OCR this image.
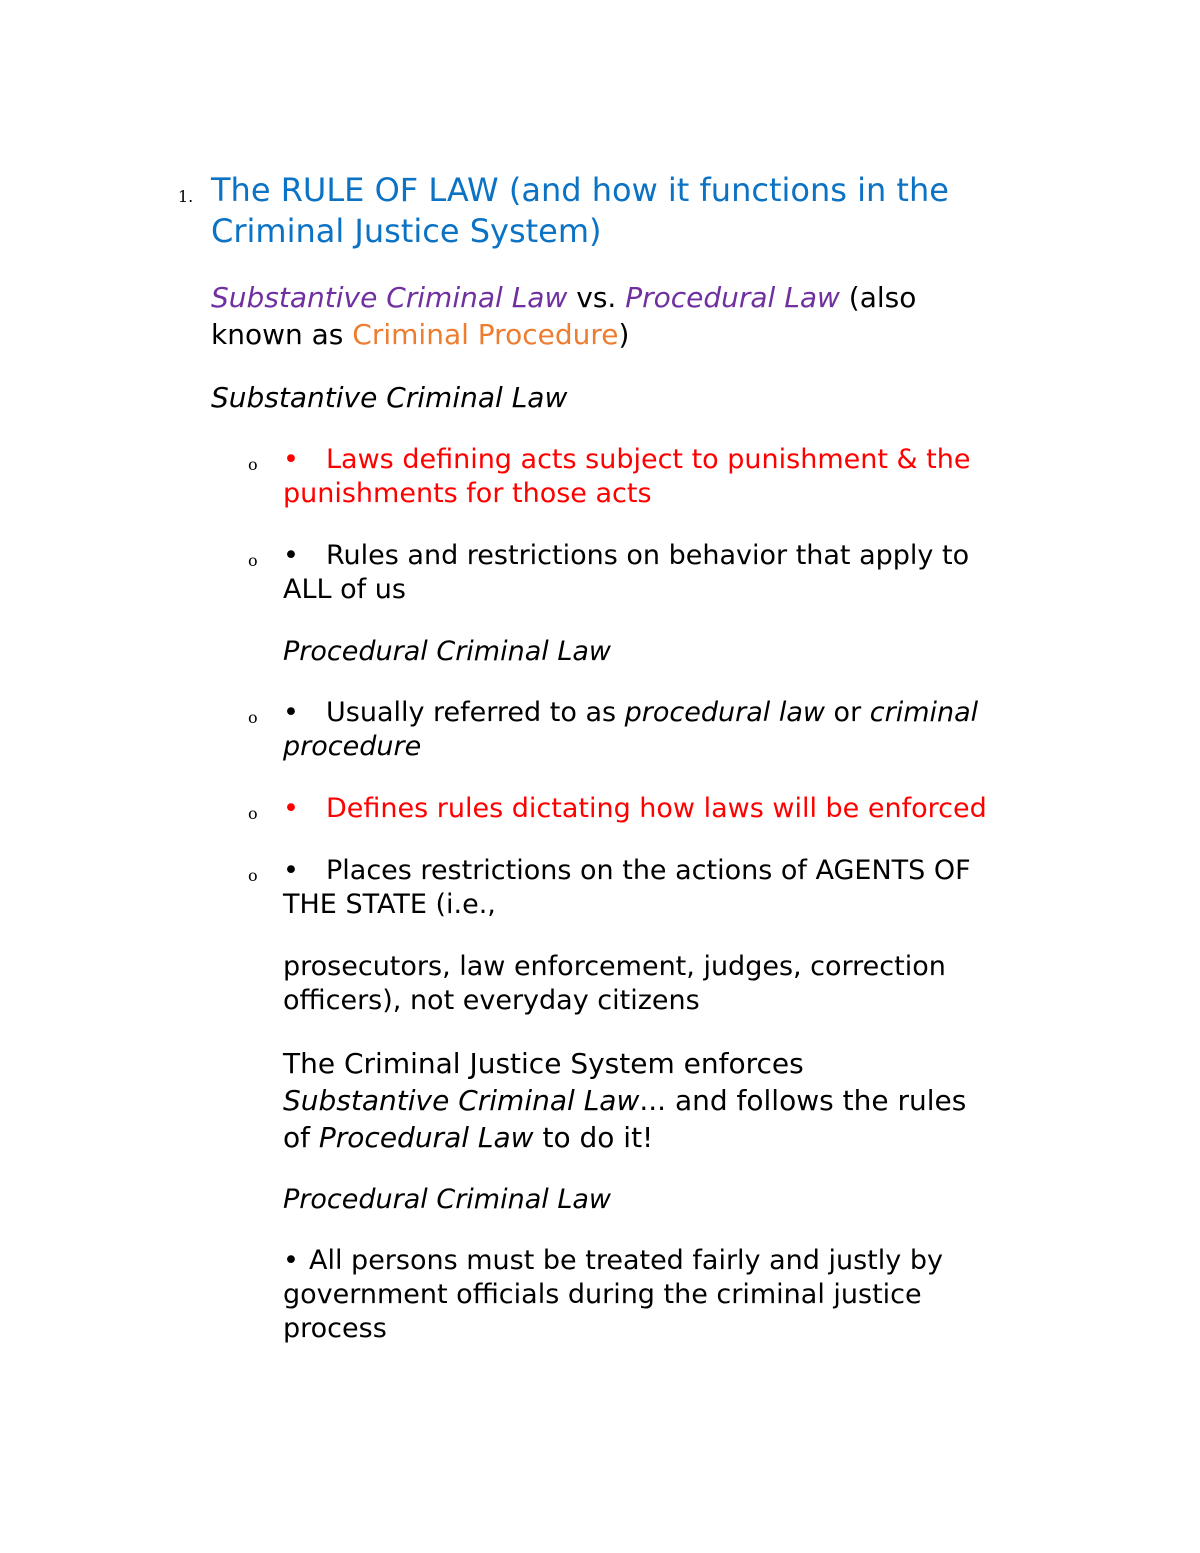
1. The RULE OF LAW (and how it functions in the
Criminal Justice System)
Substantive Criminal Law vs. Procedural Law (also
known as Criminal Procedure)
Substantive Criminal Law
o • Laws defining acts subject to punishment & the
punishments for those acts
o • Rules and restrictions on behavior that apply to
ALL of us
Procedural Criminal Law
o • Usually referred to as procedural law or criminal
procedure
o • Defines rules dictating how laws will be enforced
o • Places restrictions on the actions of AGENTS OF
THE STATE (i.e.,
prosecutors, law enforcement, judges, correction
officers), not everyday citizens
The Criminal Justice System enforces
Substantive Criminal Law... and follows the rules
of Procedural Law to do it!
Procedural Criminal Law
• All persons must be treated fairly and justly by
government officials during the criminal justice
process
